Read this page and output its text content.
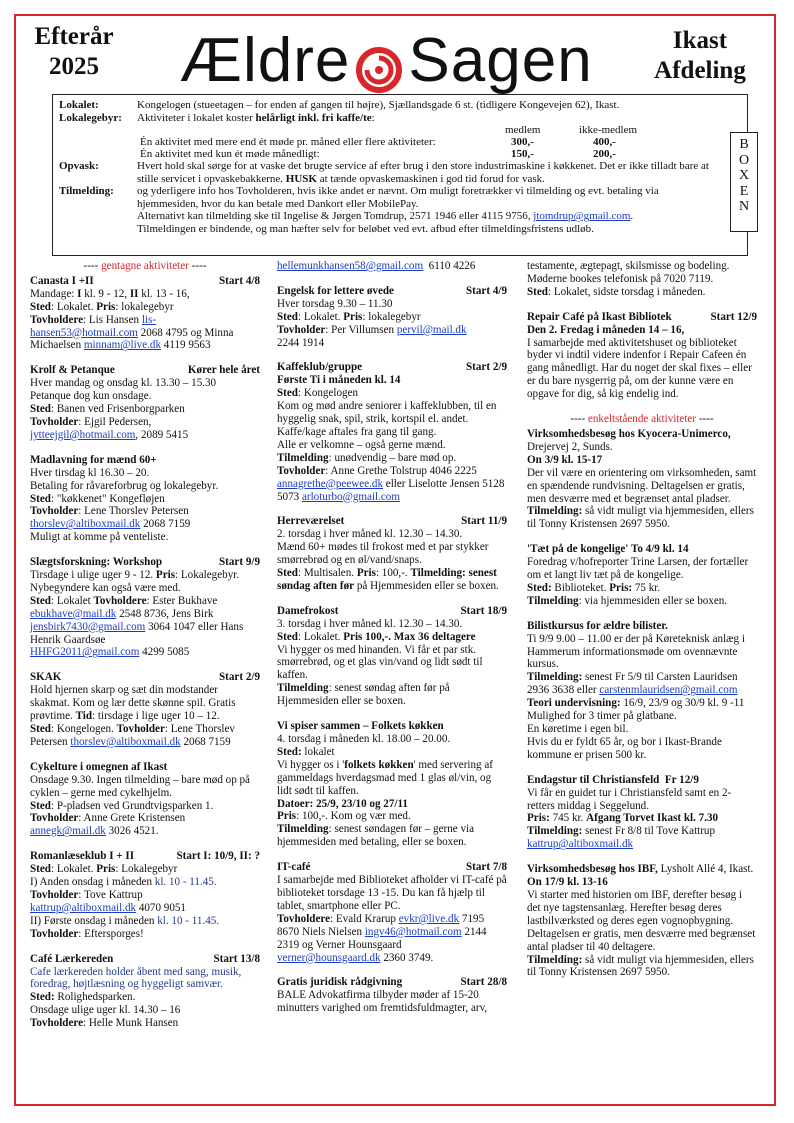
Efterår
2025	Ældre Sagen	Ikast
Afdeling
Lokalet:	Kongelogen (stueetagen – for enden af gangen til højre), Sjællandsgade 6 st. (tidligere Kongevejen 62), Ikast.
Lokalegebyr:	Aktiviteter i lokalet koster helårligt inkl. fri kaffe/te:
medlem	ikke-medlem
Én aktivitet med mere end ét møde pr. måned eller flere aktiviteter:	300,-	400,-
Én aktivitet med kun ét møde månedligt:	150,-	200,-
Opvask:	Hvert hold skal sørge for at vaske det brugte service af efter brug i den store industrimaskine i køkkenet. Det er ikke tilladt bare at stille servicet i opvaskebakkerne. HUSK at tænde opvaskemaskinen i god tid forud for vask.
Tilmelding:	og yderligere info hos Tovholderen, hvis ikke andet er nævnt. Om muligt foretrækker vi tilmelding og evt. betaling via hjemmesiden, hvor du kan betale med Dankort eller MobilePay.
Alternativt kan tilmelding ske til Ingelise & Jørgen Tomdrup, 2571 1946 eller 4115 9756, jtomdrup@gmail.com.
Tilmeldingen er bindende, og man hæfter selv for beløbet ved evt. afbud efter tilmeldingsfristens udløb.
B
O
X
E
N
---- gentagne aktiviteter ----
Canasta I +II	Start 4/8

Mandage: I kl. 9 - 12, II kl. 13 - 16,

Sted: Lokalet. Pris: lokalegebyr

Tovholdere: Lis Hansen lis-hansen53@hotmail.com 2068 4795 og Minna Michaelsen minnam@live.dk 4119 9563

Krolf & Petanque	Kører hele året

Hver mandag og onsdag kl. 13.30 – 15.30

Petanque dog kun onsdage.

Sted: Banen ved Frisenborgparken

Tovholder: Ejgil Pedersen,

jytteejgil@hotmail.com, 2089 5415

Madlavning for mænd 60+

Hver tirsdag kl 16.30 – 20.

Betaling for råvareforbrug og lokalegebyr.

Sted: "køkkenet" Kongefløjen

Tovholder: Lene Thorslev Petersen

thorslev@altiboxmail.dk 2068 7159

Muligt at komme på venteliste.

Slægtsforskning: Workshop	Start 9/9

Tirsdage i ulige uger 9 - 12. Pris: Lokalegebyr. Nybegyndere kan også være med.

Sted: Lokalet Tovholdere: Ester Bukhave

ebukhave@mail.dk 2548 8736, Jens Birk jensbirk7430@gmail.com 3064 1047 eller Hans Henrik Gaardsøe

HHFG2011@gmail.com 4299 5085

SKAK	Start 2/9

Hold hjernen skarp og sæt din modstander skakmat. Kom og lær dette skønne spil. Gratis prøvtime. Tid: tirsdage i lige uger 10 – 12.

Sted: Kongelogen. Tovholder: Lene Thorslev Petersen thorslev@altiboxmail.dk 2068 7159

Cykelture i omegnen af Ikast

Onsdage 9.30. Ingen tilmelding – bare mød op på cyklen – gerne med cykelhjelm.

Sted: P-pladsen ved Grundtvigsparken 1.

Tovholder: Anne Grete Kristensen

annegk@mail.dk 3026 4521.

Romanlæseklub I + II	Start I: 10/9, II: ?

Sted: Lokalet. Pris: Lokalegebyr

I) Anden onsdag i måneden kl. 10 - 11.45.

Tovholder: Tove Kattrup

kattrup@altiboxmail.dk 4070 9051

II) Første onsdag i måneden kl. 10 - 11.45.

Tovholder: Eftersporges!

Café Lærkereden	Start 13/8

Cafe lærkereden holder åbent med sang, musik, foredrag, højtlæsning og hyggeligt samvær.

Sted: Rolighedsparken.

Onsdage ulige uger kl. 14.30 – 16

Tovholdere: Helle Munk Hansen

hellemunkhansen58@gmail.com 6110 4226

Engelsk for lettere øvede	Start 4/9

Hver torsdag 9.30 – 11.30

Sted: Lokalet. Pris: lokalegebyr

Tovholder: Per Villumsen pervil@mail.dk

2244 1914

Kaffeklub/gruppe	Start 2/9

Første Ti i måneden kl. 14

Sted: Kongelogen

Kom og mød andre seniorer i kaffeklubben, til en hyggelig snak, spil, strik, kortspil el. andet. Kaffe/kage aftales fra gang til gang.

Alle er velkomne – også gerne mænd.

Tilmelding: unødvendig – bare mød op.

Tovholder: Anne Grethe Tolstrup 4046 2225

annagrethe@peewee.dk eller Liselotte Jensen 5128 5073 arloturbo@gmail.com

Herreværelset	Start 11/9

2. torsdag i hver måned kl. 12.30 – 14.30.

Mænd 60+ mødes til frokost med et par stykker smørrebrød og en øl/vand/snaps.

Sted: Multisalen. Pris: 100,-. Tilmelding: senest søndag aften før på Hjemmesiden eller se boxen.

Damefrokost	Start 18/9

3. torsdag i hver måned kl. 12.30 – 14.30.

Sted: Lokalet. Pris 100,-. Max 36 deltagere

Vi hygger os med hinanden. Vi får et par stk. smørrebrød, og et glas vin/vand og lidt sødt til kaffen.

Tilmelding: senest søndag aften før på Hjemmesiden eller se boxen.

Vi spiser sammen – Folkets køkken

4. torsdag i måneden kl. 18.00 – 20.00.

Sted: lokalet

Vi hygger os i 'folkets køkken' med servering af gammeldags hverdagsmad med 1 glas øl/vin, og lidt sødt til kaffen.

Datoer: 25/9, 23/10 og 27/11

Pris: 100,-. Kom og vær med.

Tilmelding: senest søndagen før – gerne via hjemmesiden med betaling, eller se boxen.

IT-café	Start 7/8

I samarbejde med Biblioteket afholder vi IT-café på biblioteket torsdage 13 -15. Du kan få hjælp til tablet, smartphone eller PC.

Tovholdere: Evald Krarup evkr@live.dk 7195 8670 Niels Nielsen ingv46@hotmail.com 2144 2319 og Verner Hounsgaard verner@hounsgaard.dk 2360 3749.

Gratis juridisk rådgivning	Start 28/8

BALE Advokatfirma tilbyder møder af 15-20 minutters varighed om fremtidsfuldmagter, arv,

testamente, ægtepagt, skilsmisse og bodeling. Møderne bookes telefonisk på 7020 7119.

Sted: Lokalet, sidste torsdag i måneden.

Repair Café på Ikast Bibliotek	Start 12/9

Den 2. Fredag i måneden 14 – 16,

I samarbejde med aktivitetshuset og biblioteket byder vi indtil videre indenfor i Repair Cafeen én gang månedligt. Har du noget der skal fixes – eller er du bare nysgerrig på, om der kunne være en opgave for dig, så kig endelig ind.

---- enkeltstående aktiviteter ----
Virksomhedsbesøg hos Kyocera-Unimerco,

Drejervej 2, Sunds.

On 3/9 kl. 15-17

Der vil være en orientering om virksomheden, samt en spændende rundvisning. Deltagelsen er gratis, men desværre med et begrænset antal pladser.

Tilmelding: så vidt muligt via hjemmesiden, ellers til Tonny Kristensen 2697 5950.

'Tæt på de kongelige' To 4/9 kl. 14

Foredrag v/hofreporter Trine Larsen, der fortæller om et langt liv tæt på de kongelige.

Sted: Biblioteket. Pris: 75 kr.

Tilmelding: via hjemmesiden eller se boxen.

Bilistkursus for ældre bilister.

Ti 9/9 9.00 – 11.00 er der på Køreteknisk anlæg i Hammerum informationsmøde om ovennævnte kursus.

Tilmelding: senest Fr 5/9 til Carsten Lauridsen 2936 3638 eller carstenmlauridsen@gmail.com

Teori undervisning: 16/9, 23/9 og 30/9 kl. 9 -11

Mulighed for 3 timer på glatbane.

En køretime i egen bil.

Hvis du er fyldt 65 år, og bor i Ikast-Brande kommune er prisen 500 kr.

Endagstur til Christiansfeld Fr 12/9

Vi får en guidet tur i Christiansfeld samt en 2-retters middag i Seggelund.

Pris: 745 kr. Afgang Torvet Ikast kl. 7.30

Tilmelding: senest Fr 8/8 til Tove Kattrup

kattrup@altiboxmail.dk

Virksomhedsbesøg hos IBF, Lysholt Allé 4, Ikast.

On 17/9 kl. 13-16

Vi starter med historien om IBF, derefter besøg i det nye tagstensanlæg. Herefter besøg deres lastbilværksted og deres egen vognopbygning. Deltagelsen er gratis, men desværre med begrænset antal pladser til 40 deltagere.

Tilmelding: så vidt muligt via hjemmesiden, ellers til Tonny Kristensen 2697 5950.
